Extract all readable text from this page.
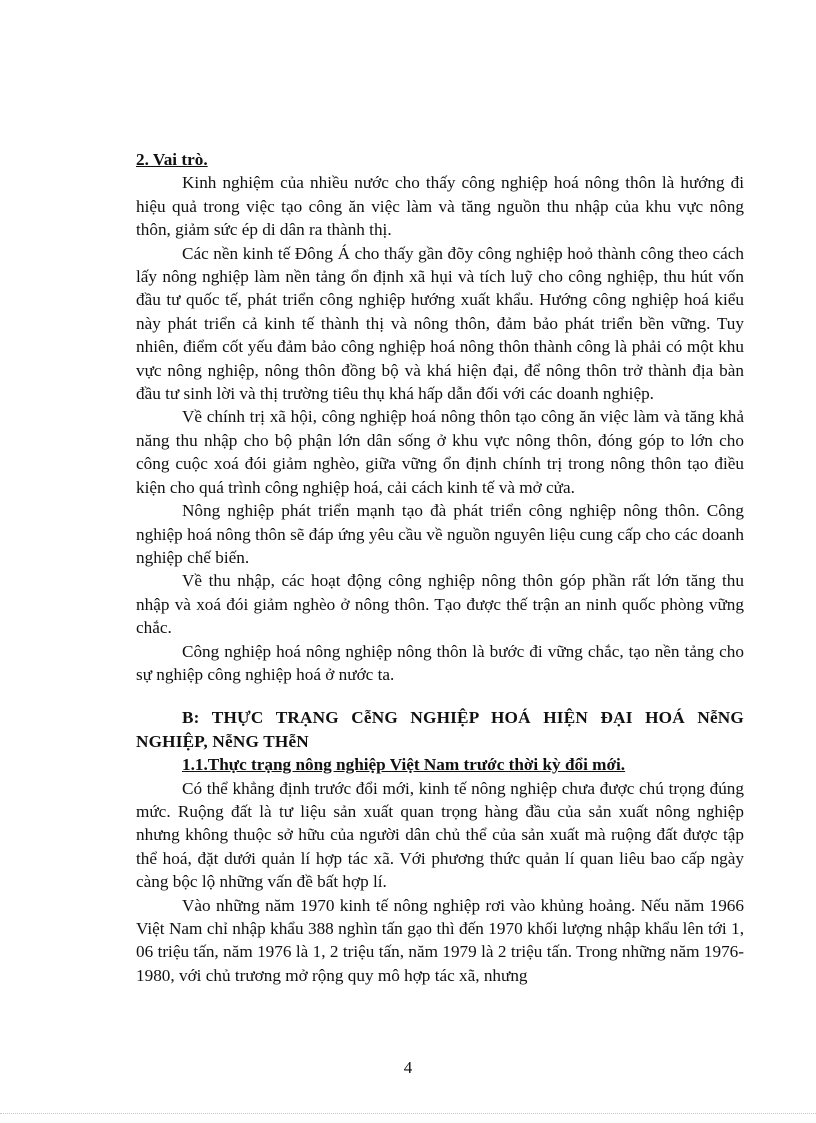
2. Vai trò.

Kinh nghiệm của nhiều nước cho thấy công nghiệp hoá nông thôn là hướng đi hiệu quả trong việc tạo công ăn việc làm và tăng nguồn thu nhập của khu vực nông thôn, giảm sức ép di dân ra thành thị.

Các nền kinh tế Đông Á cho thấy gần đõy công nghiệp hoỏ thành công theo cách lấy nông nghiệp làm nền tảng ổn định xã hụi và tích luỹ cho công nghiệp, thu hút vốn đầu tư quốc tế, phát triển công nghiệp hướng xuất khẩu. Hướng công nghiệp hoá kiểu này phát triển cả kinh tế thành thị và nông thôn, đảm bảo phát triển bền vững. Tuy nhiên, điểm cốt yếu đảm bảo công nghiệp hoá nông thôn thành công là phải có một khu vực nông nghiệp, nông thôn đồng bộ và khá hiện đại, để nông thôn trở thành địa bàn đầu tư sinh lời và thị trường tiêu thụ khá hấp dẫn đối với các doanh nghiệp.

Về chính trị xã hội, công nghiệp hoá nông thôn tạo công ăn việc làm và tăng khả năng thu nhập cho bộ phận lớn dân sống ở khu vực nông thôn, đóng góp to lớn cho công cuộc xoá đói giảm nghèo, giữa vững ổn định chính trị trong nông thôn tạo điều kiện cho quá trình công nghiệp hoá, cải cách kinh tế và mở cửa.

Nông nghiệp phát triển mạnh tạo đà phát triển công nghiệp nông thôn. Công nghiệp hoá nông thôn sẽ đáp ứng yêu cầu về nguồn nguyên liệu cung cấp cho các doanh nghiệp chế biến.

Về thu nhập, các hoạt động công nghiệp nông thôn góp phần rất lớn tăng thu nhập và xoá đói giảm nghèo ở nông thôn. Tạo được thế trận an ninh quốc phòng vững chắc.

Công nghiệp hoá nông nghiệp nông thôn là bước đi vững chắc, tạo nền tảng cho sự nghiệp công nghiệp hoá ở nước ta.

B: THỰC TRẠNG CễNG NGHIỆP HOÁ HIỆN ĐẠI HOÁ NễNG NGHIỆP, NễNG THễN

1.1.Thực trạng nông nghiệp Việt Nam trước thời kỳ đổi mới.

Có thể khẳng định trước đổi mới, kinh tế nông nghiệp chưa được chú trọng đúng mức. Ruộng đất là tư liệu sản xuất quan trọng hàng đầu của sản xuất nông nghiệp nhưng không thuộc sở hữu của người dân chủ thể của sản xuất mà ruộng đất được tập thể hoá, đặt dưới quản lí hợp tác xã. Với phương thức quản lí quan liêu bao cấp ngày càng bộc lộ những vấn đề bất hợp lí.

Vào những năm 1970 kinh tế nông nghiệp rơi vào khủng hoảng. Nếu năm 1966 Việt Nam chỉ nhập khẩu 388 nghìn tấn gạo thì đến 1970 khối lượng nhập khẩu lên tới 1, 06 triệu tấn, năm 1976 là 1, 2 triệu tấn, năm 1979 là 2 triệu tấn. Trong những năm 1976-1980, với chủ trương mở rộng quy mô hợp tác xã, nhưng

4
